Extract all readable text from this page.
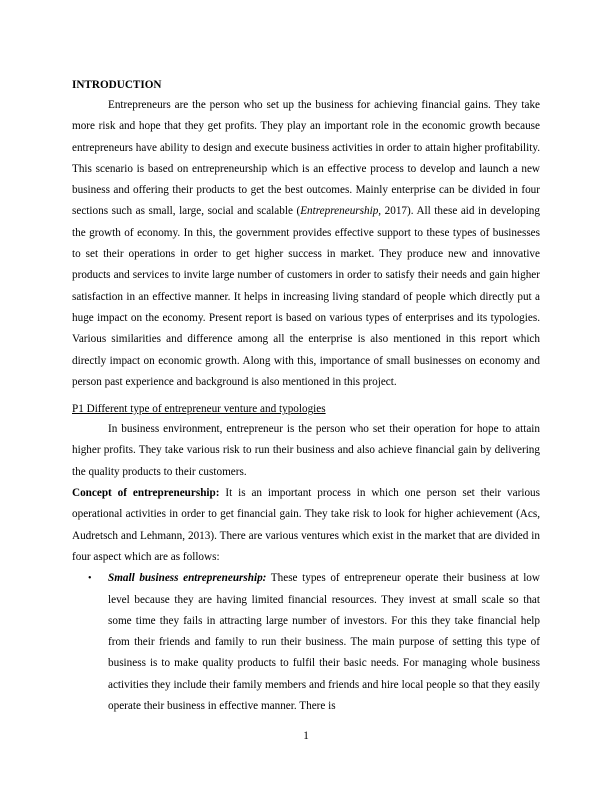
INTRODUCTION

Entrepreneurs are the person who set up the business for achieving financial gains. They take more risk and hope that they get profits. They play an important role in the economic growth because entrepreneurs have ability to design and execute business activities in order to attain higher profitability. This scenario is based on entrepreneurship which is an effective process to develop and launch a new business and offering their products to get the best outcomes. Mainly enterprise can be divided in four sections such as small, large, social and scalable (Entrepreneurship, 2017). All these aid in developing the growth of economy. In this, the government provides effective support to these types of businesses to set their operations in order to get higher success in market. They produce new and innovative products and services to invite large number of customers in order to satisfy their needs and gain higher satisfaction in an effective manner. It helps in increasing living standard of people which directly put a huge impact on the economy. Present report is based on various types of enterprises and its typologies. Various similarities and difference among all the enterprise is also mentioned in this report which directly impact on economic growth. Along with this, importance of small businesses on economy and person past experience and background is also mentioned in this project.

P1 Different type of entrepreneur venture and typologies

In business environment, entrepreneur is the person who set their operation for hope to attain higher profits. They take various risk to run their business and also achieve financial gain by delivering the quality products to their customers.

Concept of entrepreneurship: It is an important process in which one person set their various operational activities in order to get financial gain. They take risk to look for higher achievement (Acs, Audretsch and Lehmann, 2013). There are various ventures which exist in the market that are divided in four aspect which are as follows:

• Small business entrepreneurship: These types of entrepreneur operate their business at low level because they are having limited financial resources. They invest at small scale so that some time they fails in attracting large number of investors. For this they take financial help from their friends and family to run their business. The main purpose of setting this type of business is to make quality products to fulfil their basic needs. For managing whole business activities they include their family members and friends and hire local people so that they easily operate their business in effective manner. There is
1
